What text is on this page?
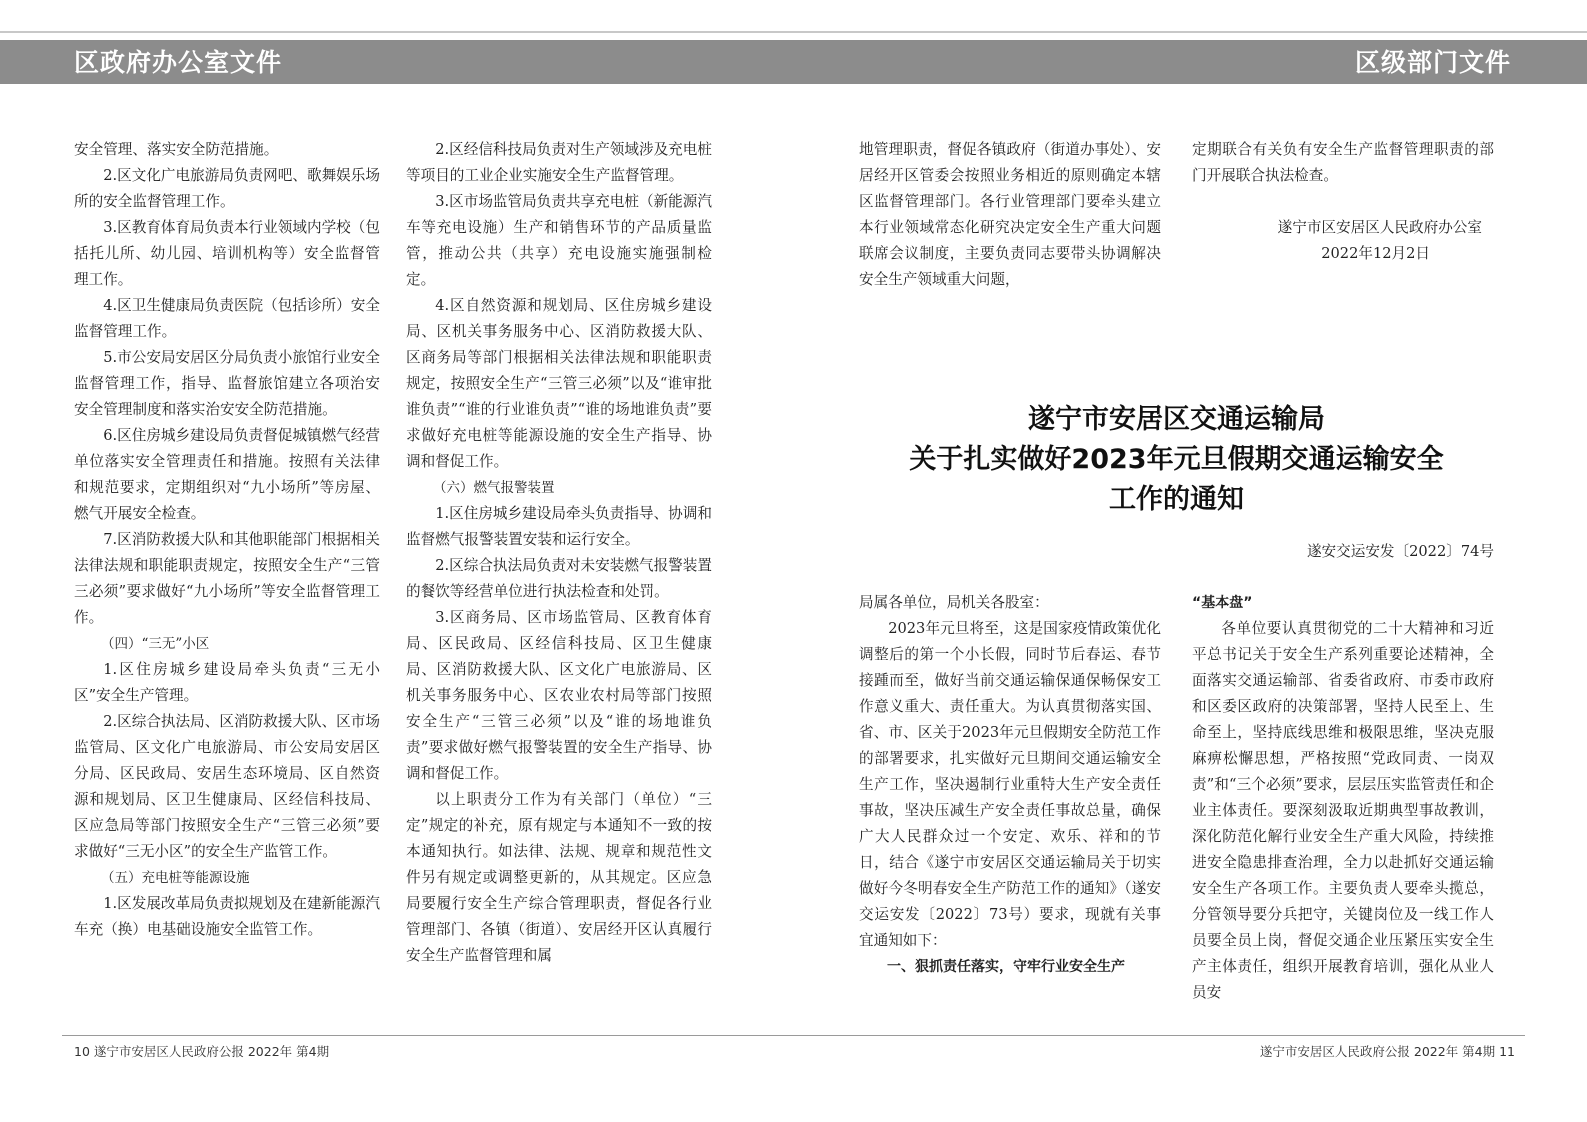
区政府办公室文件	区级部门文件

安全管理、落实安全防范措施。

2.区文化广电旅游局负责网吧、歌舞娱乐场所的安全监督管理工作。

3.区教育体育局负责本行业领域内学校（包括托儿所、幼儿园、培训机构等）安全监督管理工作。

4.区卫生健康局负责医院（包括诊所）安全监督管理工作。

5.市公安局安居区分局负责小旅馆行业安全监督管理工作，指导、监督旅馆建立各项治安安全管理制度和落实治安安全防范措施。

6.区住房城乡建设局负责督促城镇燃气经营单位落实安全管理责任和措施。按照有关法律和规范要求，定期组织对“九小场所”等房屋、燃气开展安全检查。

7.区消防救援大队和其他职能部门根据相关法律法规和职能职责规定，按照安全生产“三管三必须”要求做好“九小场所”等安全监督管理工作。

（四）“三无”小区

1.区住房城乡建设局牵头负责“三无小区”安全生产管理。

2.区综合执法局、区消防救援大队、区市场监管局、区文化广电旅游局、市公安局安居区分局、区民政局、安居生态环境局、区自然资源和规划局、区卫生健康局、区经信科技局、区应急局等部门按照安全生产“三管三必须”要求做好“三无小区”的安全生产监管工作。

（五）充电桩等能源设施

1.区发展改革局负责拟规划及在建新能源汽车充（换）电基础设施安全监管工作。

2.区经信科技局负责对生产领域涉及充电桩等项目的工业企业实施安全生产监督管理。

3.区市场监管局负责共享充电桩（新能源汽车等充电设施）生产和销售环节的产品质量监管，推动公共（共享）充电设施实施强制检定。

4.区自然资源和规划局、区住房城乡建设局、区机关事务服务中心、区消防救援大队、区商务局等部门根据相关法律法规和职能职责规定，按照安全生产“三管三必须”以及“谁审批谁负责”“谁的行业谁负责”“谁的场地谁负责”要求做好充电桩等能源设施的安全生产指导、协调和督促工作。

（六）燃气报警装置

1.区住房城乡建设局牵头负责指导、协调和监督燃气报警装置安装和运行安全。

2.区综合执法局负责对未安装燃气报警装置的餐饮等经营单位进行执法检查和处罚。

3.区商务局、区市场监管局、区教育体育局、区民政局、区经信科技局、区卫生健康局、区消防救援大队、区文化广电旅游局、区机关事务服务中心、区农业农村局等部门按照安全生产“三管三必须”以及“谁的场地谁负责”要求做好燃气报警装置的安全生产指导、协调和督促工作。

以上职责分工作为有关部门（单位）“三定”规定的补充，原有规定与本通知不一致的按本通知执行。如法律、法规、规章和规范性文件另有规定或调整更新的，从其规定。区应急局要履行安全生产综合管理职责，督促各行业管理部门、各镇（街道）、安居经开区认真履行安全生产监督管理和属

地管理职责，督促各镇政府（街道办事处）、安居经开区管委会按照业务相近的原则确定本辖区监督管理部门。各行业管理部门要牵头建立本行业领域常态化研究决定安全生产重大问题联席会议制度，主要负责同志要带头协调解决安全生产领域重大问题，

定期联合有关负有安全生产监督管理职责的部门开展联合执法检查。

遂宁市区安居区人民政府办公室

2022年12月2日

遂宁市安居区交通运输局
关于扎实做好2023年元旦假期交通运输安全
工作的通知
遂安交运安发〔2022〕74号

局属各单位，局机关各股室：

2023年元旦将至，这是国家疫情政策优化调整后的第一个小长假，同时节后春运、春节接踵而至，做好当前交通运输保通保畅保安工作意义重大、责任重大。为认真贯彻落实国、省、市、区关于2023年元旦假期安全防范工作的部署要求，扎实做好元旦期间交通运输安全生产工作，坚决遏制行业重特大生产安全责任事故，坚决压减生产安全责任事故总量，确保广大人民群众过一个安定、欢乐、祥和的节日，结合《遂宁市安居区交通运输局关于切实做好今冬明春安全生产防范工作的通知》（遂安交运安发〔2022〕73号）要求，现就有关事宜通知如下：

一、狠抓责任落实，守牢行业安全生产

“基本盘”

各单位要认真贯彻党的二十大精神和习近平总书记关于安全生产系列重要论述精神，全面落实交通运输部、省委省政府、市委市政府和区委区政府的决策部署，坚持人民至上、生命至上，坚持底线思维和极限思维，坚决克服麻痹松懈思想，严格按照“党政同责、一岗双责”和“三个必须”要求，层层压实监管责任和企业主体责任。要深刻汲取近期典型事故教训，深化防范化解行业安全生产重大风险，持续推进安全隐患排查治理，全力以赴抓好交通运输安全生产各项工作。主要负责人要牵头揽总，分管领导要分兵把守，关键岗位及一线工作人员要全员上岗，督促交通企业压紧压实安全生产主体责任，组织开展教育培训，强化从业人员安

10 遂宁市安居区人民政府公报 2022年 第4期	遂宁市安居区人民政府公报 2022年 第4期 11
